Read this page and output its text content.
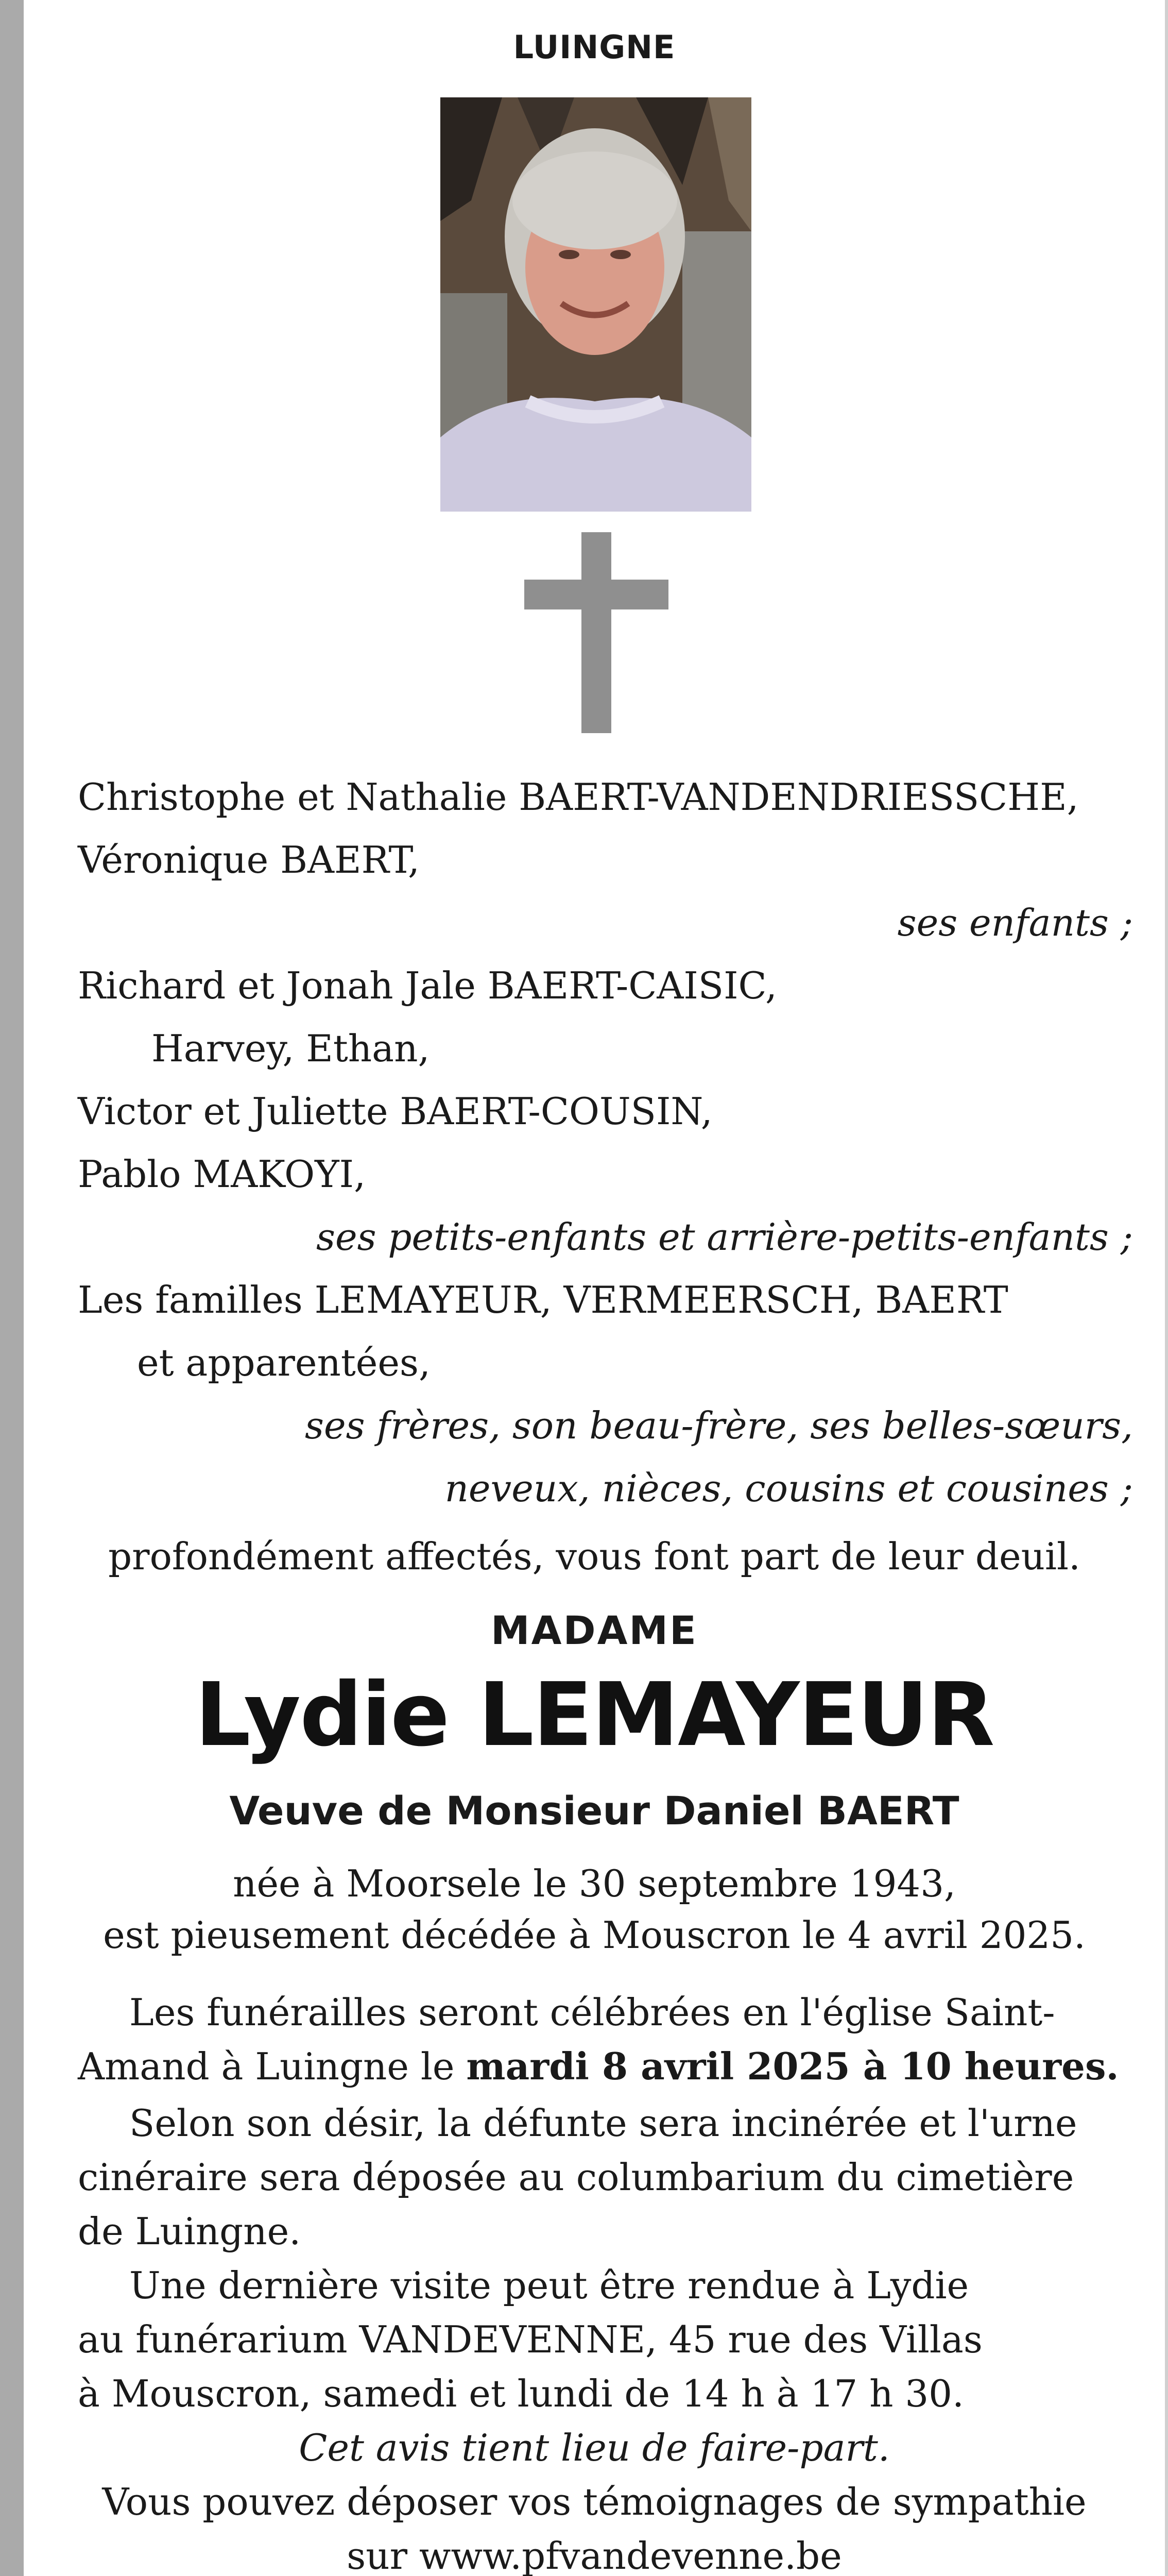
LUINGNE
Christophe et Nathalie BAERT-VANDENDRIESSCHE,
Véronique BAERT,
ses enfants ;
Richard et Jonah Jale BAERT-CAISIC,
Harvey, Ethan,
Victor et Juliette BAERT-COUSIN,
Pablo MAKOYI,
ses petits-enfants et arrière-petits-enfants ;
Les familles LEMAYEUR, VERMEERSCH, BAERT
et apparentées,
ses frères, son beau-frère, ses belles-sœurs,
neveux, nièces, cousins et cousines ;
profondément affectés, vous font part de leur deuil.
MADAME
Lydie LEMAYEUR
Veuve de Monsieur Daniel BAERT
née à Moorsele le 30 septembre 1943,
est pieusement décédée à Mouscron le 4 avril 2025.
Les funérailles seront célébrées en l'église Saint-
Amand à Luingne le mardi 8 avril 2025 à 10 heures.
Selon son désir, la défunte sera incinérée et l'urne
cinéraire sera déposée au columbarium du cimetière
de Luingne.
Une dernière visite peut être rendue à Lydie
au funérarium VANDEVENNE, 45 rue des Villas
à Mouscron, samedi et lundi de 14 h à 17 h 30.
Cet avis tient lieu de faire-part.
Vous pouvez déposer vos témoignages de sympathie
sur www.pfvandevenne.be
